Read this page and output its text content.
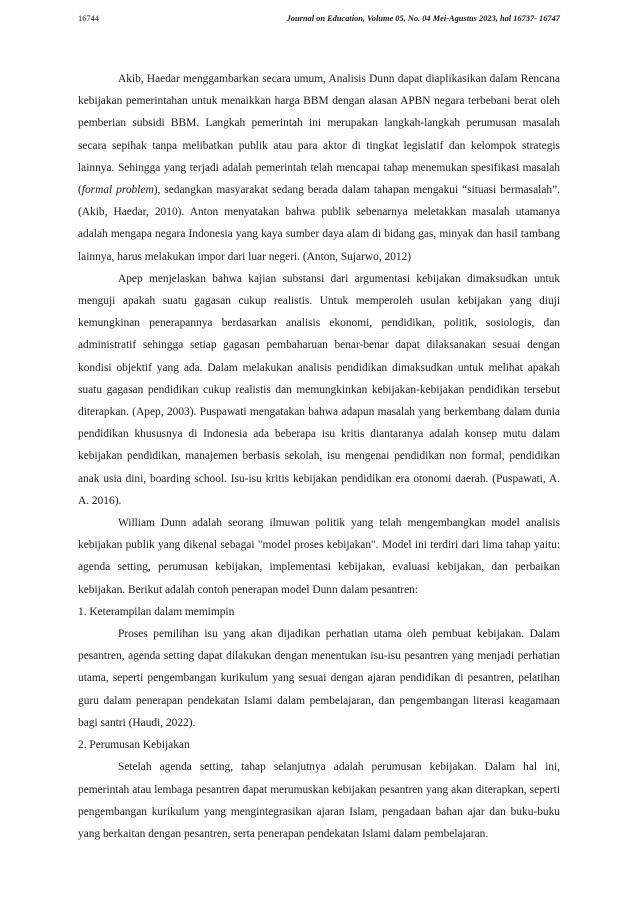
16744	Journal on Education, Volume 05, No. 04 Mei-Agustus 2023, hal 16737- 16747

Akib, Haedar menggambarkan secara umum, Analisis Dunn dapat diaplikasikan dalam Rencana kebijakan pemerintahan untuk menaikkan harga BBM dengan alasan APBN negara terbebani berat oleh pemberian subsidi BBM. Langkah pemerintah ini merupakan langkah-langkah perumusan masalah secara sepihak tanpa melibatkan publik atau para aktor di tingkat legislatif dan kelompok strategis lainnya. Sehingga yang terjadi adalah pemerintah telah mencapai tahap menemukan spesifikasi masalah (formal problem), sedangkan masyarakat sedang berada dalam tahapan mengakui “situasi bermasalah”. (Akib, Haedar, 2010). Anton menyatakan bahwa publik sebenarnya meletakkan masalah utamanya adalah mengapa negara Indonesia yang kaya sumber daya alam di bidang gas, minyak dan hasil tambang lainnya, harus melakukan impor dari luar negeri. (Anton, Sujarwo, 2012)

Apep menjelaskan bahwa kajian substansi dari argumentasi kebijakan dimaksudkan untuk menguji apakah suatu gagasan cukup realistis. Untuk memperoleh usulan kebijakan yang diuji kemungkinan penerapannya berdasarkan analisis ekonomi, pendidikan, politik, sosiologis, dan administratif sehingga setiap gagasan pembaharuan benar-benar dapat dilaksanakan sesuai dengan kondisi objektif yang ada. Dalam melakukan analisis pendidikan dimaksudkan untuk melihat apakah suatu gagasan pendidikan cukup realistis dan memungkinkan kebijakan-kebijakan pendidikan tersebut diterapkan. (Apep, 2003). Puspawati mengatakan bahwa adapun masalah yang berkembang dalam dunia pendidikan khususnya di Indonesia ada beberapa isu kritis diantaranya adalah konsep mutu dalam kebijakan pendidikan, manajemen berbasis sekolah, isu mengenai pendidikan non formal, pendidikan anak usia dini, boarding school. Isu-isu kritis kebijakan pendidikan era otonomi daerah. (Puspawati, A. A. 2016).

William Dunn adalah seorang ilmuwan politik yang telah mengembangkan model analisis kebijakan publik yang dikenal sebagai "model proses kebijakan". Model ini terdiri dari lima tahap yaitu: agenda setting, perumusan kebijakan, implementasi kebijakan, evaluasi kebijakan, dan perbaikan kebijakan. Berikut adalah contoh penerapan model Dunn dalam pesantren:

1. Keterampilan dalam memimpin

Proses pemilihan isu yang akan dijadikan perhatian utama oleh pembuat kebijakan. Dalam pesantren, agenda setting dapat dilakukan dengan menentukan isu-isu pesantren yang menjadi perhatian utama, seperti pengembangan kurikulum yang sesuai dengan ajaran pendidikan di pesantren, pelatihan guru dalam penerapan pendekatan Islami dalam pembelajaran, dan pengembangan literasi keagamaan bagi santri (Haudi, 2022).

2. Perumusan Kebijakan

Setelah agenda setting, tahap selanjutnya adalah perumusan kebijakan. Dalam hal ini, pemerintah atau lembaga pesantren dapat merumuskan kebijakan pesantren yang akan diterapkan, seperti pengembangan kurikulum yang mengintegrasikan ajaran Islam, pengadaan bahan ajar dan buku-buku yang berkaitan dengan pesantren, serta penerapan pendekatan Islami dalam pembelajaran.
